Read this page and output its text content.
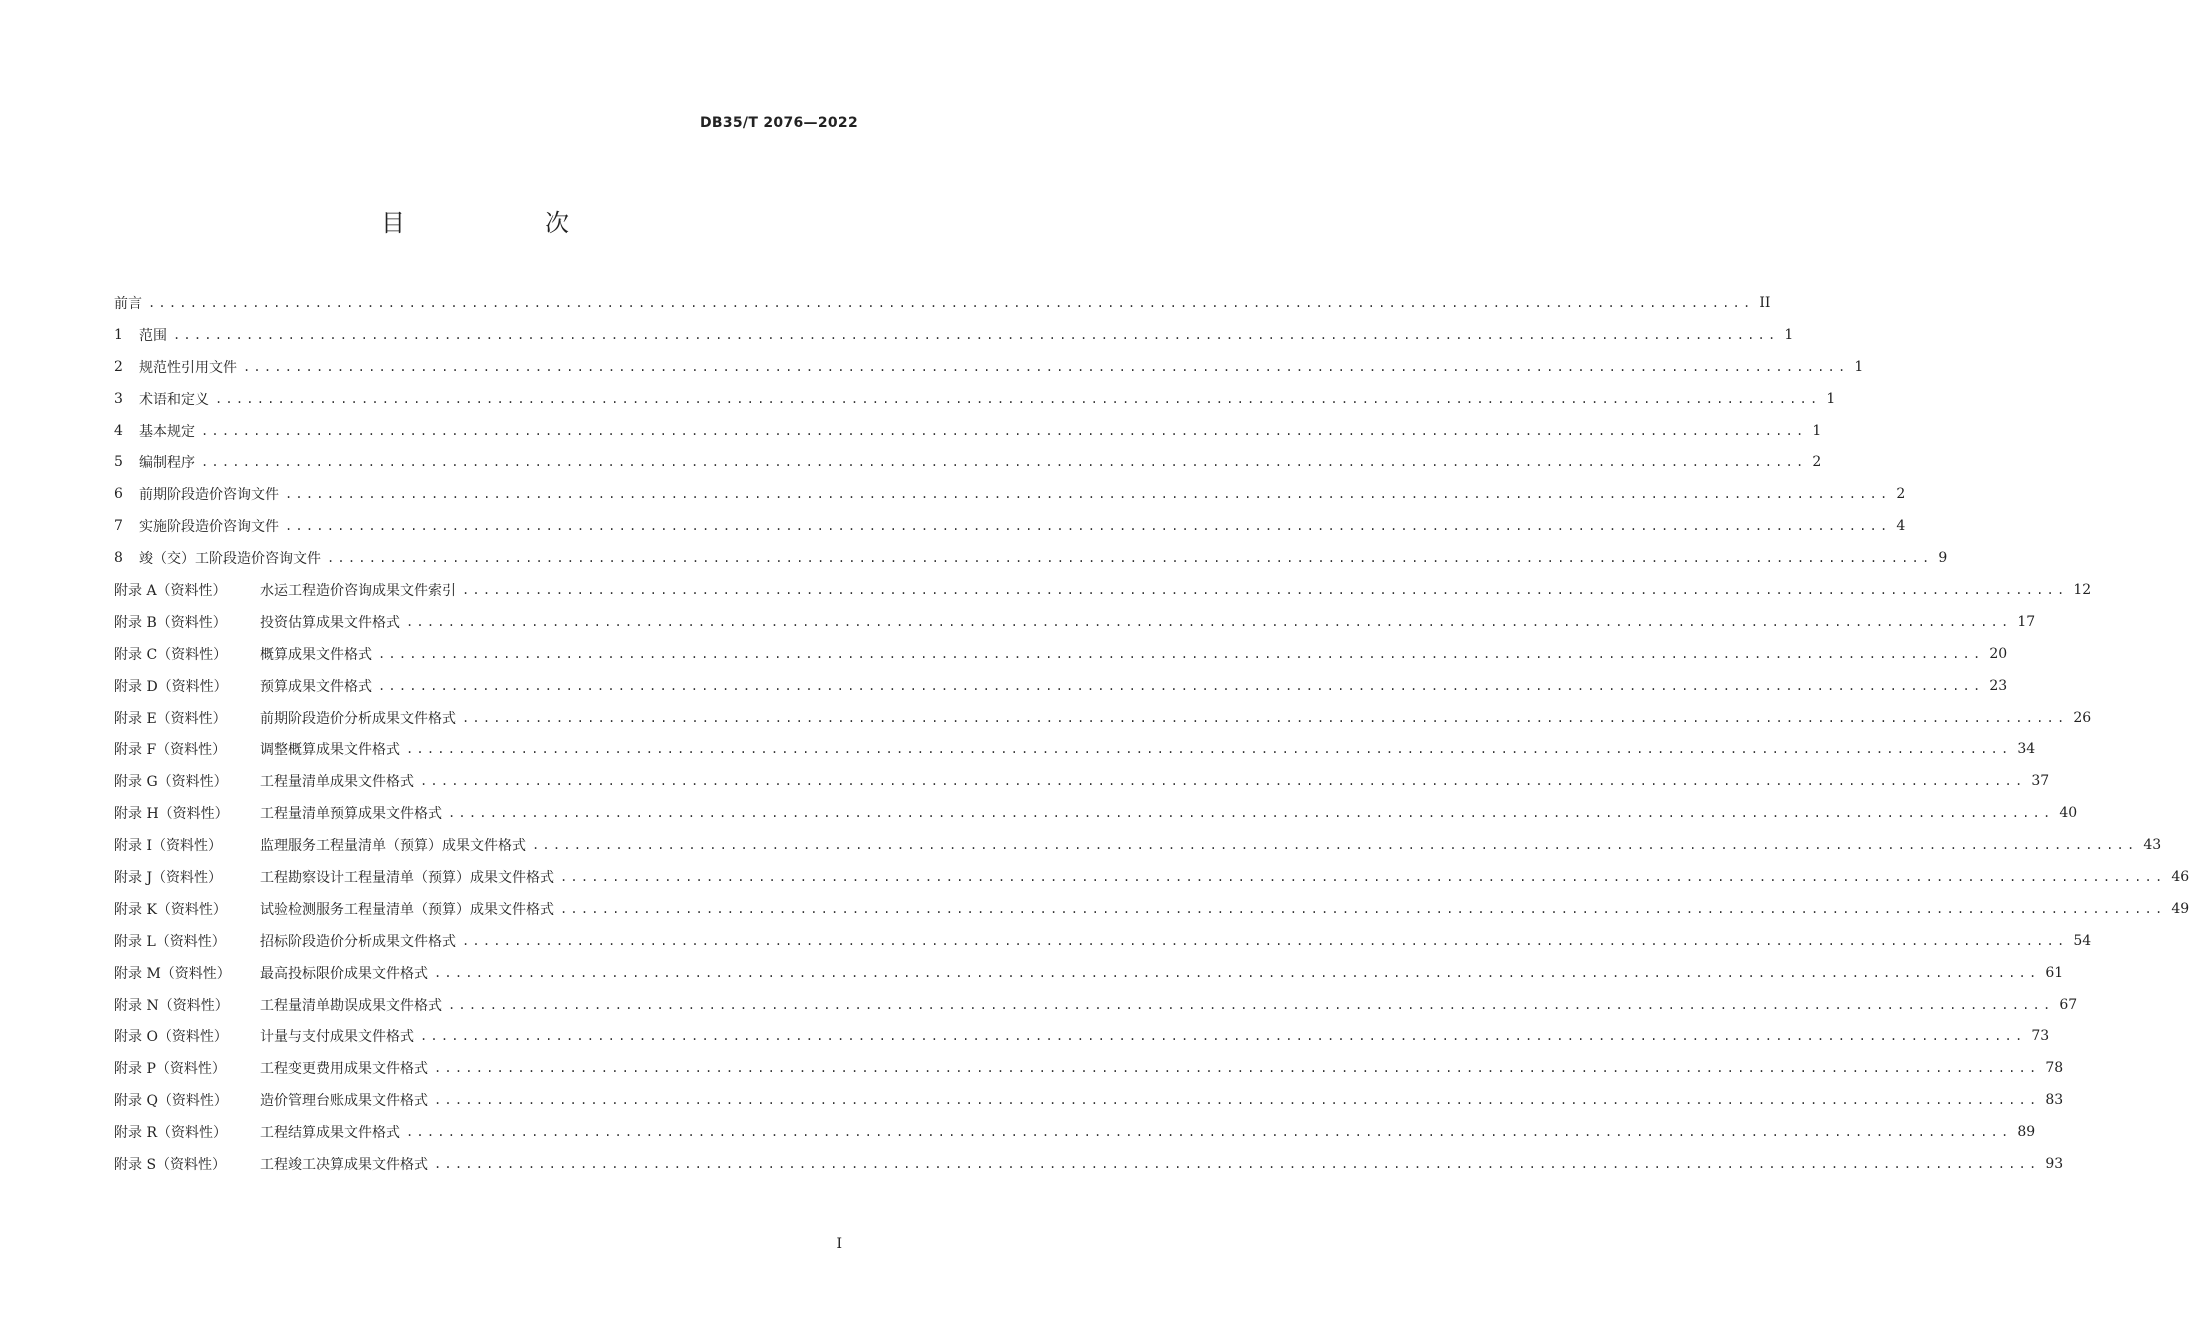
DB35/T 2076—2022
目　次
前言 .......................................................................................................................................................... II
1	范围 .......................................................................................................................................................... 1
2	规范性引用文件 .......................................................................................................................................................... 1
3	术语和定义 .......................................................................................................................................................... 1
4	基本规定 .......................................................................................................................................................... 1
5	编制程序 .......................................................................................................................................................... 2
6	前期阶段造价咨询文件 .......................................................................................................................................................... 2
7	实施阶段造价咨询文件 .......................................................................................................................................................... 4
8	竣（交）工阶段造价咨询文件 .......................................................................................................................................................... 9
附录 A（资料性）	水运工程造价咨询成果文件索引 .......................................................................................................................................................... 12
附录 B（资料性）	投资估算成果文件格式 .......................................................................................................................................................... 17
附录 C（资料性）	概算成果文件格式 .......................................................................................................................................................... 20
附录 D（资料性）	预算成果文件格式 .......................................................................................................................................................... 23
附录 E（资料性）	前期阶段造价分析成果文件格式 .......................................................................................................................................................... 26
附录 F（资料性）	调整概算成果文件格式 .......................................................................................................................................................... 34
附录 G（资料性）	工程量清单成果文件格式 .......................................................................................................................................................... 37
附录 H（资料性）	工程量清单预算成果文件格式 .......................................................................................................................................................... 40
附录 I（资料性）	监理服务工程量清单（预算）成果文件格式 .......................................................................................................................................................... 43
附录 J（资料性）	工程勘察设计工程量清单（预算）成果文件格式 .......................................................................................................................................................... 46
附录 K（资料性）	试验检测服务工程量清单（预算）成果文件格式 .......................................................................................................................................................... 49
附录 L（资料性）	招标阶段造价分析成果文件格式 .......................................................................................................................................................... 54
附录 M（资料性）	最高投标限价成果文件格式 .......................................................................................................................................................... 61
附录 N（资料性）	工程量清单勘误成果文件格式 .......................................................................................................................................................... 67
附录 O（资料性）	计量与支付成果文件格式 .......................................................................................................................................................... 73
附录 P（资料性）	工程变更费用成果文件格式 .......................................................................................................................................................... 78
附录 Q（资料性）	造价管理台账成果文件格式 .......................................................................................................................................................... 83
附录 R（资料性）	工程结算成果文件格式 .......................................................................................................................................................... 89
附录 S（资料性）	工程竣工决算成果文件格式 .......................................................................................................................................................... 93
I
